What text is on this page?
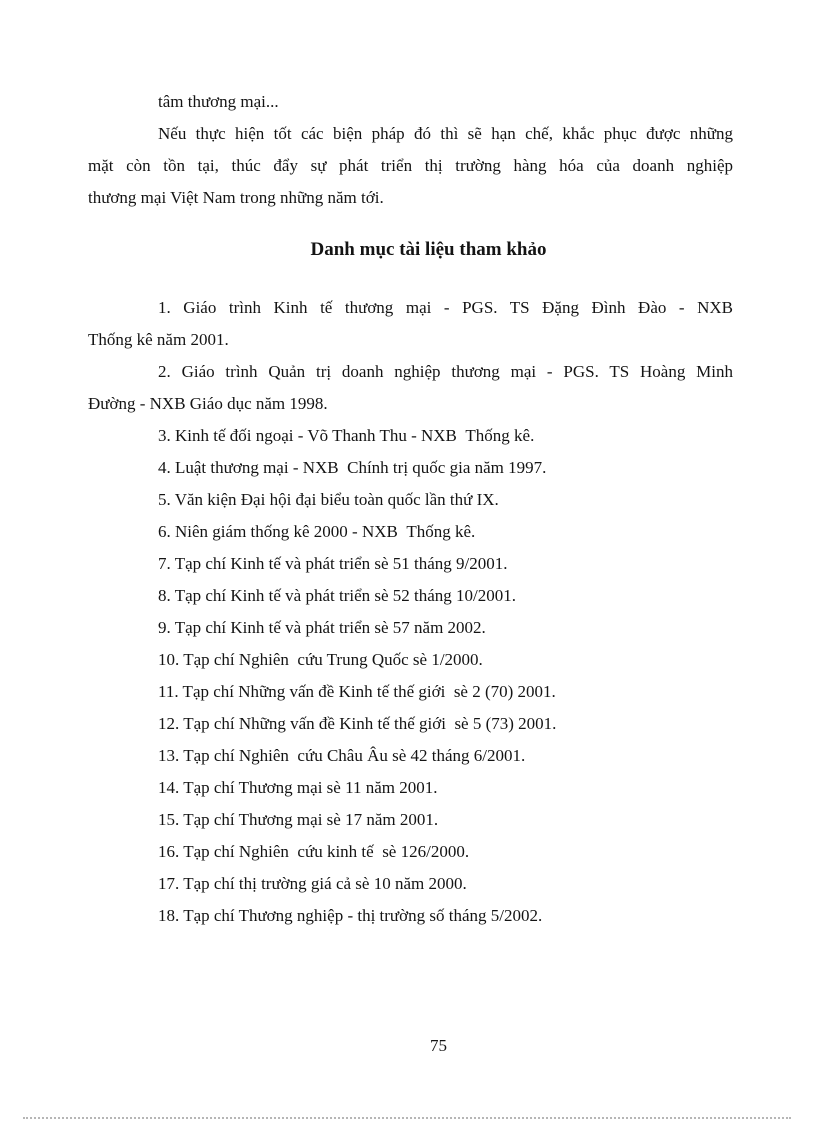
tâm thương mại...
Nếu thực hiện tốt các biện pháp đó thì sẽ hạn chế, khắc phục được những
mặt còn tồn tại, thúc đẩy sự phát triển thị trường hàng hóa của doanh nghiệp
thương mại Việt Nam trong những năm tới.
Danh mục tài liệu tham khảo
1. Giáo trình Kinh tế thương mại - PGS. TS Đặng Đình Đào - NXB
Thống kê năm 2001.
2. Giáo trình Quản trị doanh nghiệp thương mại - PGS. TS Hoàng Minh
Đường - NXB Giáo dục năm 1998.
3. Kinh tế đối ngoại - Võ Thanh Thu - NXB Thống kê.
4. Luật thương mại - NXB Chính trị quốc gia năm 1997.
5. Văn kiện Đại hội đại biểu toàn quốc lần thứ IX.
6. Niên giám thống kê 2000 - NXB Thống kê.
7. Tạp chí Kinh tế và phát triển sè 51 tháng 9/2001.
8. Tạp chí Kinh tế và phát triển sè 52 tháng 10/2001.
9. Tạp chí Kinh tế và phát triển sè 57 năm 2002.
10. Tạp chí Nghiên cứu Trung Quốc sè 1/2000.
11. Tạp chí Những vấn đề Kinh tế thế giới sè 2 (70) 2001.
12. Tạp chí Những vấn đề Kinh tế thế giới sè 5 (73) 2001.
13. Tạp chí Nghiên cứu Châu Âu sè 42 tháng 6/2001.
14. Tạp chí Thương mại sè 11 năm 2001.
15. Tạp chí Thương mại sè 17 năm 2001.
16. Tạp chí Nghiên cứu kinh tế sè 126/2000.
17. Tạp chí thị trường giá cả sè 10 năm 2000.
18. Tạp chí Thương nghiệp - thị trường số tháng 5/2002.
75
